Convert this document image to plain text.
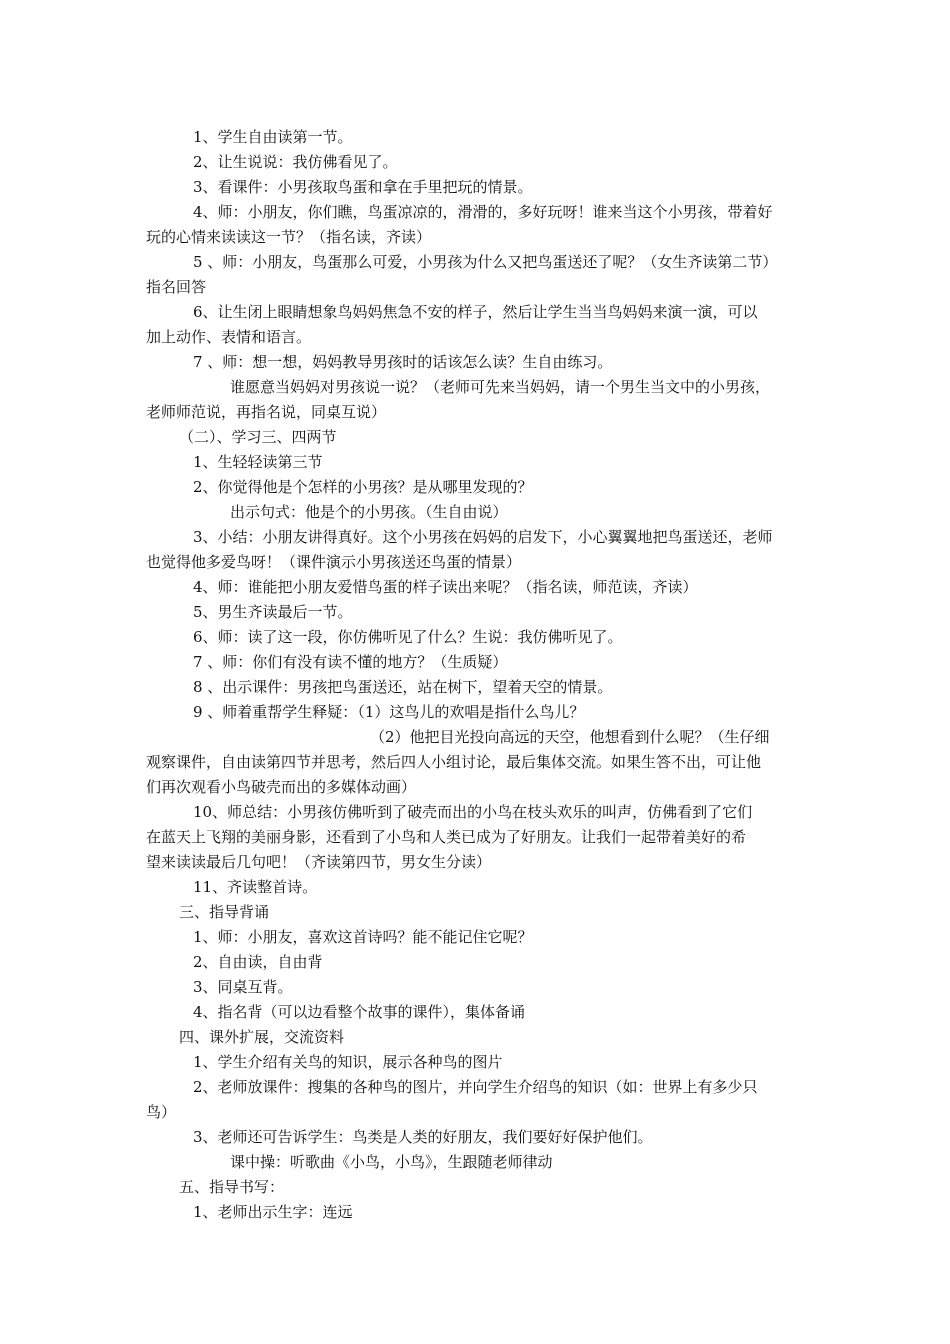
1、学生自由读第一节。
2、让生说说：我仿佛看见了。
3、看课件：小男孩取鸟蛋和拿在手里把玩的情景。
4、师：小朋友，你们瞧，鸟蛋凉凉的，滑滑的，多好玩呀！谁来当这个小男孩，带着好
玩的心情来读读这一节？（指名读，齐读）
5 、师：小朋友，鸟蛋那么可爱，小男孩为什么又把鸟蛋送还了呢？（女生齐读第二节）
指名回答
6、让生闭上眼睛想象鸟妈妈焦急不安的样子，然后让学生当当鸟妈妈来演一演，可以
加上动作、表情和语言。
7 、师：想一想，妈妈教导男孩时的话该怎么读？生自由练习。
谁愿意当妈妈对男孩说一说？（老师可先来当妈妈，请一个男生当文中的小男孩，
老师师范说，再指名说，同桌互说）
（二）、学习三、四两节
1、生轻轻读第三节
2、你觉得他是个怎样的小男孩？是从哪里发现的？
出示句式：他是个的小男孩。（生自由说）
3、小结：小朋友讲得真好。这个小男孩在妈妈的启发下，小心翼翼地把鸟蛋送还，老师
也觉得他多爱鸟呀！（课件演示小男孩送还鸟蛋的情景）
4、师：谁能把小朋友爱惜鸟蛋的样子读出来呢？（指名读，师范读，齐读）
5、男生齐读最后一节。
6、师：读了这一段，你仿佛听见了什么？生说：我仿佛听见了。
7 、师：你们有没有读不懂的地方？（生质疑）
8 、出示课件：男孩把鸟蛋送还，站在树下，望着天空的情景。
9 、师着重帮学生释疑：（1）这鸟儿的欢唱是指什么鸟儿？
（2）他把目光投向高远的天空，他想看到什么呢？（生仔细
观察课件，自由读第四节并思考，然后四人小组讨论，最后集体交流。如果生答不出，可让他
们再次观看小鸟破壳而出的多媒体动画）
10、师总结：小男孩仿佛听到了破壳而出的小鸟在枝头欢乐的叫声，仿佛看到了它们
在蓝天上飞翔的美丽身影，还看到了小鸟和人类已成为了好朋友。让我们一起带着美好的希
望来读读最后几句吧！（齐读第四节，男女生分读）
11、齐读整首诗。
三、指导背诵
1、师：小朋友，喜欢这首诗吗？能不能记住它呢？
2、自由读，自由背
3、同桌互背。
4、指名背（可以边看整个故事的课件），集体备诵
四、课外扩展，交流资料
1、学生介绍有关鸟的知识，展示各种鸟的图片
2、老师放课件：搜集的各种鸟的图片，并向学生介绍鸟的知识（如：世界上有多少只
鸟）
3、老师还可告诉学生：鸟类是人类的好朋友，我们要好好保护他们。
课中操：听歌曲《小鸟，小鸟》，生跟随老师律动
五、指导书写：
1、老师出示生字：连远
